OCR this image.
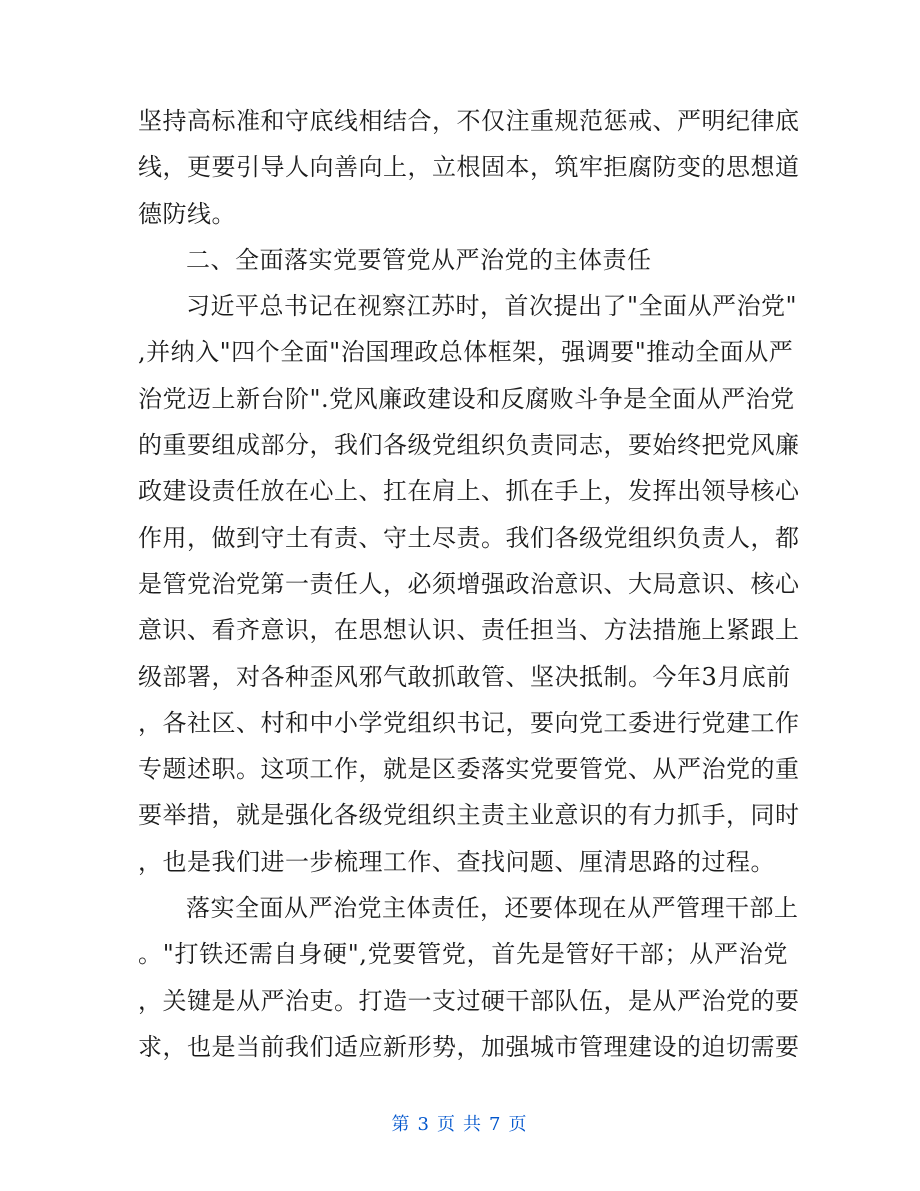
坚持高标准和守底线相结合，不仅注重规范惩戒、严明纪律底
线，更要引导人向善向上，立根固本，筑牢拒腐防变的思想道
德防线。
二、全面落实党要管党从严治党的主体责任
习近平总书记在视察江苏时，首次提出了"全面从严治党"
,并纳入"四个全面"治国理政总体框架，强调要"推动全面从严
治党迈上新台阶".党风廉政建设和反腐败斗争是全面从严治党
的重要组成部分，我们各级党组织负责同志，要始终把党风廉
政建设责任放在心上、扛在肩上、抓在手上，发挥出领导核心
作用，做到守土有责、守土尽责。我们各级党组织负责人，都
是管党治党第一责任人，必须增强政治意识、大局意识、核心
意识、看齐意识，在思想认识、责任担当、方法措施上紧跟上
级部署，对各种歪风邪气敢抓敢管、坚决抵制。今年3月底前
，各社区、村和中小学党组织书记，要向党工委进行党建工作
专题述职。这项工作，就是区委落实党要管党、从严治党的重
要举措，就是强化各级党组织主责主业意识的有力抓手，同时
，也是我们进一步梳理工作、查找问题、厘清思路的过程。
落实全面从严治党主体责任，还要体现在从严管理干部上
。"打铁还需自身硬",党要管党，首先是管好干部；从严治党
，关键是从严治吏。打造一支过硬干部队伍，是从严治党的要
求，也是当前我们适应新形势，加强城市管理建设的迫切需要
第 3 页 共 7 页
